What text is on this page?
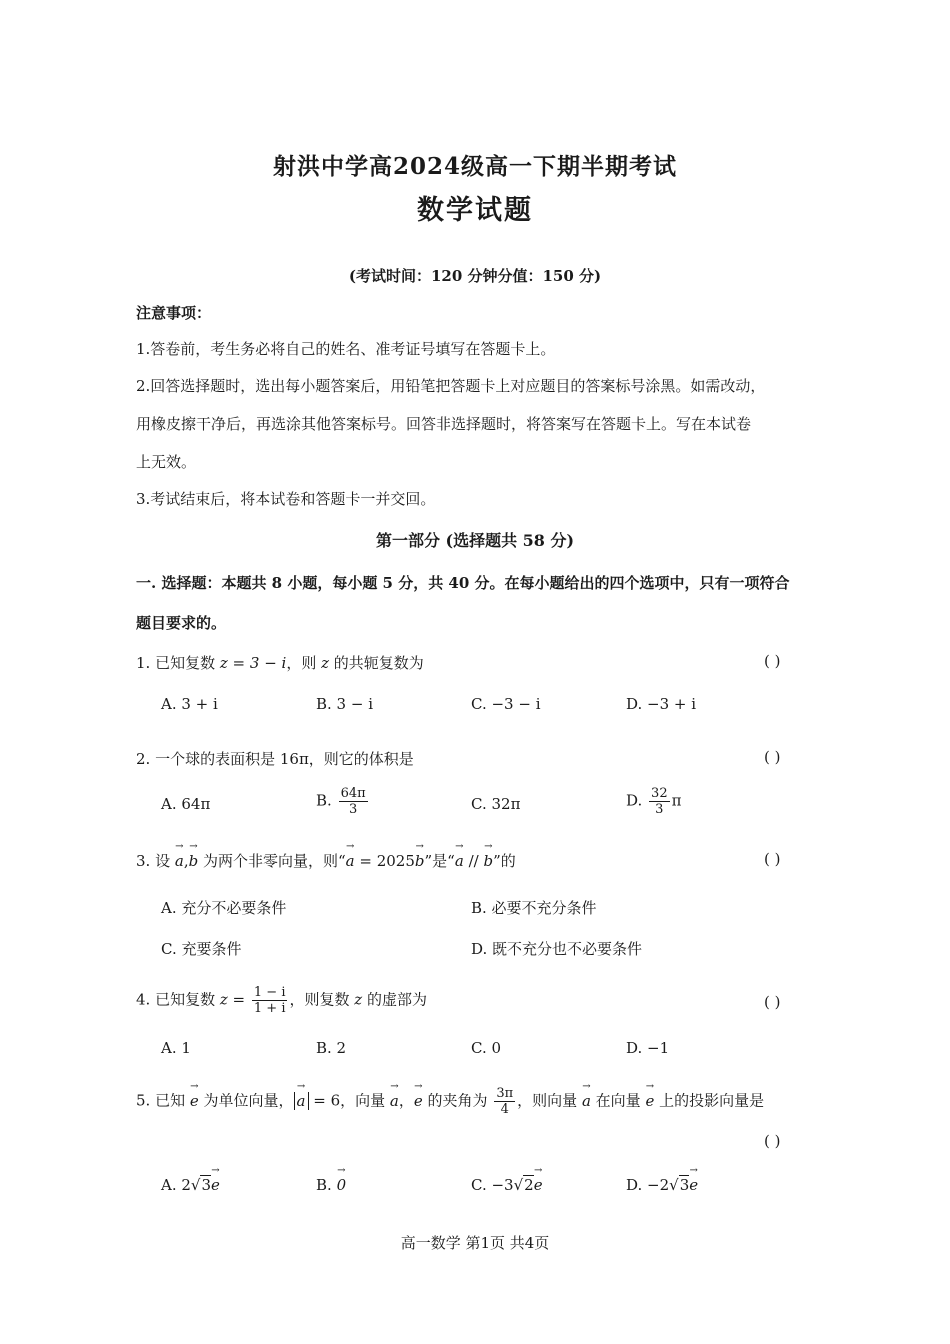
射洪中学高2024级高一下期半期考试
数学试题
(考试时间：120 分钟分值：150 分)
注意事项：
1.答卷前，考生务必将自己的姓名、准考证号填写在答题卡上。
2.回答选择题时，选出每小题答案后，用铅笔把答题卡上对应题目的答案标号涂黑。如需改动，
用橡皮擦干净后，再选涂其他答案标号。回答非选择题时，将答案写在答题卡上。写在本试卷
上无效。
3.考试结束后，将本试卷和答题卡一并交回。
第一部分 (选择题共 58 分)
一. 选择题：本题共 8 小题，每小题 5 分，共 40 分。在每小题给出的四个选项中，只有一项符合
题目要求的。
1. 已知复数 z = 3 − i，则 z 的共轭复数为	( )
A. 3 + i	B. 3 − i	C. −3 − i	D. −3 + i
2. 一个球的表面积是 16π，则它的体积是	( )
A. 64π	B. $\frac{64\pi}{3}$	C. 32π	D. $\frac{32}{3}$ π
3. 设 → a,→ b 为两个非零向量，则“→ a = 2025→ b”是“→ a // → b”的	( )
A. 充分不必要条件	B. 必要不充分条件
C. 充要条件	D. 既不充分也不必要条件
4. 已知复数 $z = \frac{1 - i}{1 + i}$ ，则复数 z 的虚部为	( )
A. 1	B. 2	C. 0	D. −1
5. 已知 → e 为单位向量，→ a = 6，向量 → a，→ e 的夹角为 $\frac{3\pi}{4}$ ，则向量 → a 在向量 → e 上的投影向量是
( )
A. 2√3→ e	B. → 0	C. −3√2→ e	D. −2√3→ e
高一数学 第1页 共4页
